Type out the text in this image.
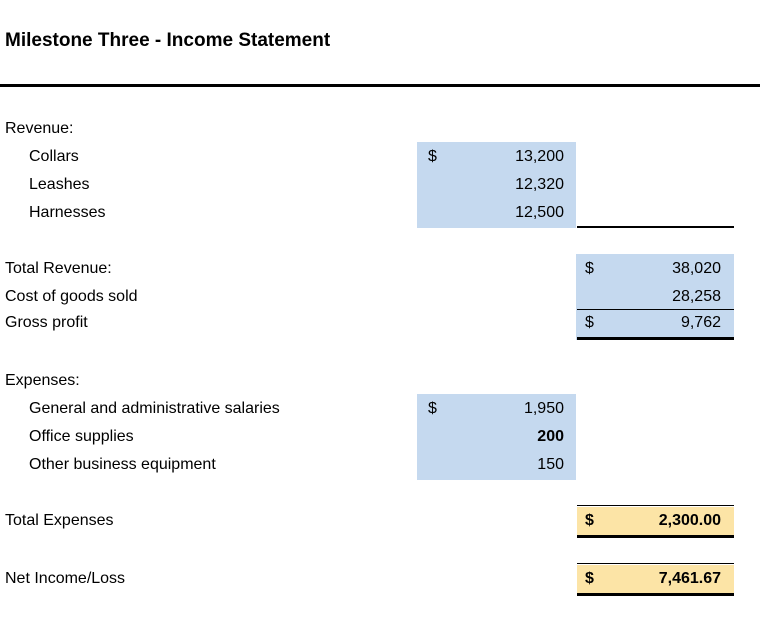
Milestone Three - Income Statement
Revenue:
Collars	$	13,200
Leashes	12,320
Harnesses	12,500
Total Revenue:	$	38,020
Cost of goods sold	28,258
Gross profit	$	9,762
Expenses:
General and administrative salaries	$	1,950
Office supplies	200
Other business equipment	150
Total Expenses	$	2,300.00
Net Income/Loss	$	7,461.67
